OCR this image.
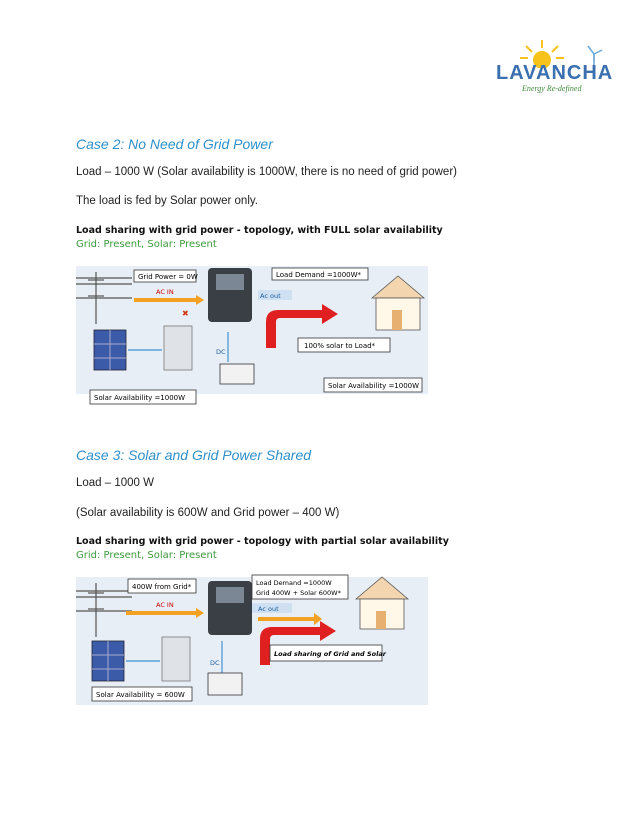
LAVANCHA
Energy Re-defined
Case 2: No Need of Grid Power
Load – 1000 W (Solar availability is 1000W, there is no need of grid power)
The load is fed by Solar power only.
Load sharing with grid power - topology, with FULL solar availability
Grid: Present, Solar: Present
Grid Power = 0W
AC IN
✖
Ac out
Load Demand =1000W*
100% solar to Load*
DC
Solar Availability =1000W
Solar Availability =1000W
Case 3: Solar and Grid Power Shared
Load – 1000 W
(Solar availability is 600W and Grid power – 400 W)
Load sharing with grid power - topology with partial solar availability
Grid: Present, Solar: Present
400W from Grid*
AC IN	Ac out
Load Demand =1000W
Grid 400W + Solar 600W*
Load sharing of Grid and Solar
DC
Solar Availability = 600W
